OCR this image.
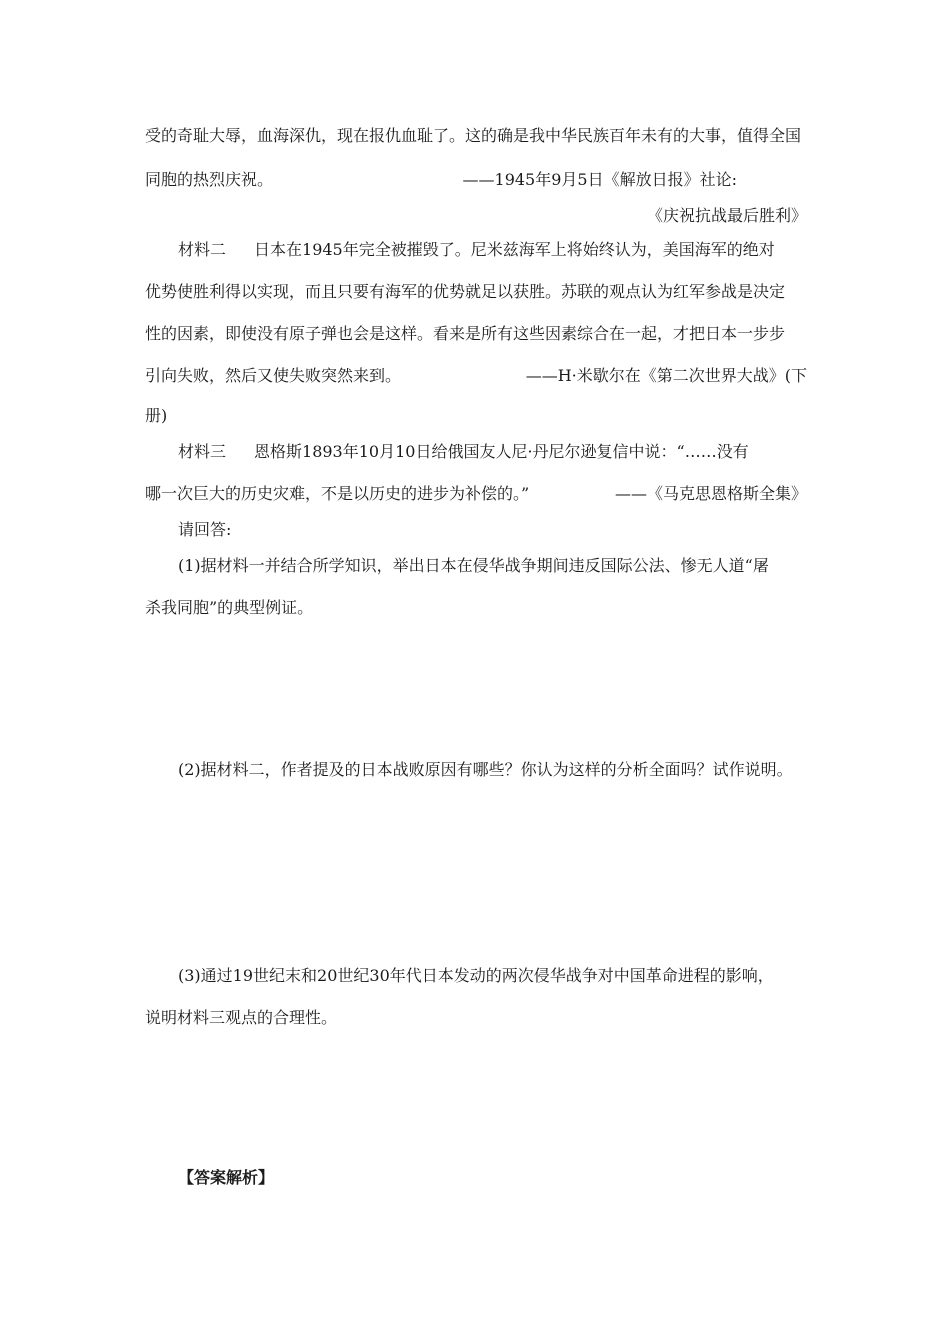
受的奇耻大辱，血海深仇，现在报仇血耻了。这的确是我中华民族百年未有的大事，值得全国
同胞的热烈庆祝。	——1945年9月5日《解放日报》社论:
《庆祝抗战最后胜利》
材料二 日本在1945年完全被摧毁了。尼米兹海军上将始终认为，美国海军的绝对
优势使胜利得以实现，而且只要有海军的优势就足以获胜。苏联的观点认为红军参战是决定
性的因素，即使没有原子弹也会是这样。看来是所有这些因素综合在一起，才把日本一步步
引向失败，然后又使失败突然来到。	——H·米歇尔在《第二次世界大战》(下
册)
材料三 恩格斯1893年10月10日给俄国友人尼·丹尼尔逊复信中说：“……没有
哪一次巨大的历史灾难，不是以历史的进步为补偿的。”	——《马克思恩格斯全集》
请回答:
(1)据材料一并结合所学知识，举出日本在侵华战争期间违反国际公法、惨无人道“屠
杀我同胞”的典型例证。
(2)据材料二，作者提及的日本战败原因有哪些？你认为这样的分析全面吗？试作说明。
(3)通过19世纪末和20世纪30年代日本发动的两次侵华战争对中国革命进程的影响，
说明材料三观点的合理性。
【答案解析】
